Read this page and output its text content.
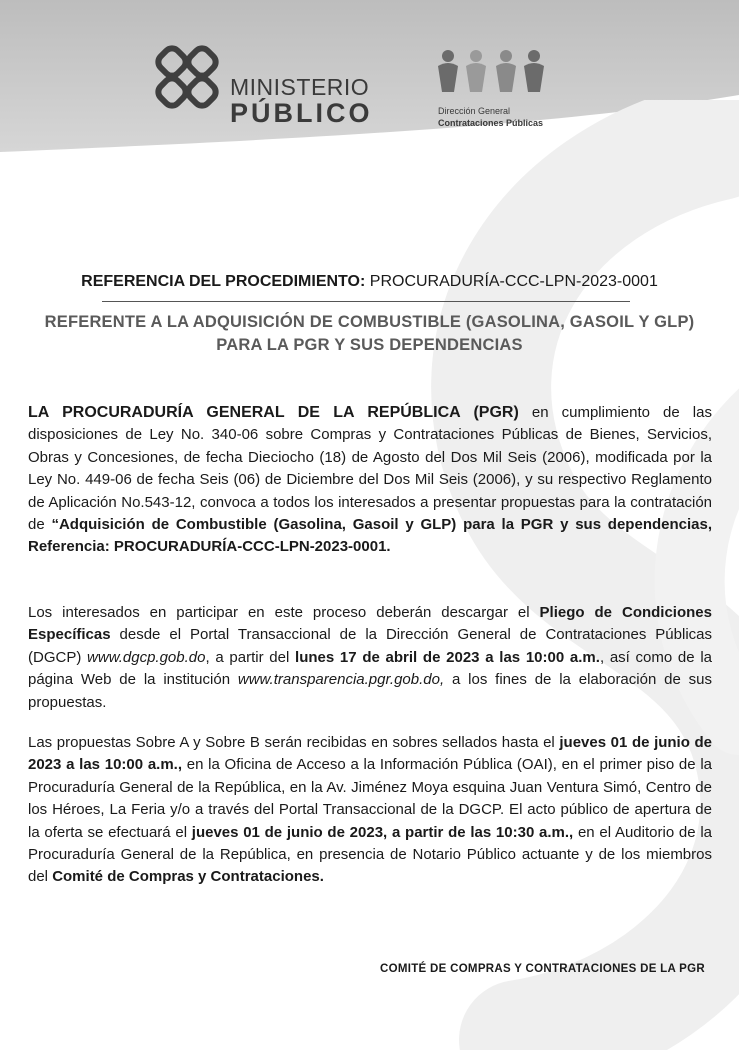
MINISTERIO
PÚBLICO	Dirección General
Contrataciones Públicas
REFERENCIA DEL PROCEDIMIENTO: PROCURADURÍA-CCC-LPN-2023-0001
REFERENTE A LA ADQUISICIÓN DE COMBUSTIBLE (GASOLINA, GASOIL Y GLP) PARA LA PGR Y SUS DEPENDENCIAS
LA PROCURADURÍA GENERAL DE LA REPÚBLICA (PGR) en cumplimiento de las disposiciones de Ley No. 340-06 sobre Compras y Contrataciones Públicas de Bienes, Servicios, Obras y Concesiones, de fecha Dieciocho (18) de Agosto del Dos Mil Seis (2006), modificada por la Ley No. 449-06 de fecha Seis (06) de Diciembre del Dos Mil Seis (2006), y su respectivo Reglamento de Aplicación No.543-12, convoca a todos los interesados a presentar propuestas para la contratación de “Adquisición de Combustible (Gasolina, Gasoil y GLP) para la PGR y sus dependencias, Referencia: PROCURADURÍA-CCC-LPN-2023-0001.
Los interesados en participar en este proceso deberán descargar el Pliego de Condiciones Específicas desde el Portal Transaccional de la Dirección General de Contrataciones Públicas (DGCP) www.dgcp.gob.do, a partir del lunes 17 de abril de 2023 a las 10:00 a.m., así como de la página Web de la institución www.transparencia.pgr.gob.do, a los fines de la elaboración de sus propuestas.
Las propuestas Sobre A y Sobre B serán recibidas en sobres sellados hasta el jueves 01 de junio de 2023 a las 10:00 a.m., en la Oficina de Acceso a la Información Pública (OAI), en el primer piso de la Procuraduría General de la República, en la Av. Jiménez Moya esquina Juan Ventura Simó, Centro de los Héroes, La Feria y/o a través del Portal Transaccional de la DGCP. El acto público de apertura de la oferta se efectuará el jueves 01 de junio de 2023, a partir de las 10:30 a.m., en el Auditorio de la Procuraduría General de la República, en presencia de Notario Público actuante y de los miembros del Comité de Compras y Contrataciones.
COMITÉ DE COMPRAS Y CONTRATACIONES DE LA PGR
